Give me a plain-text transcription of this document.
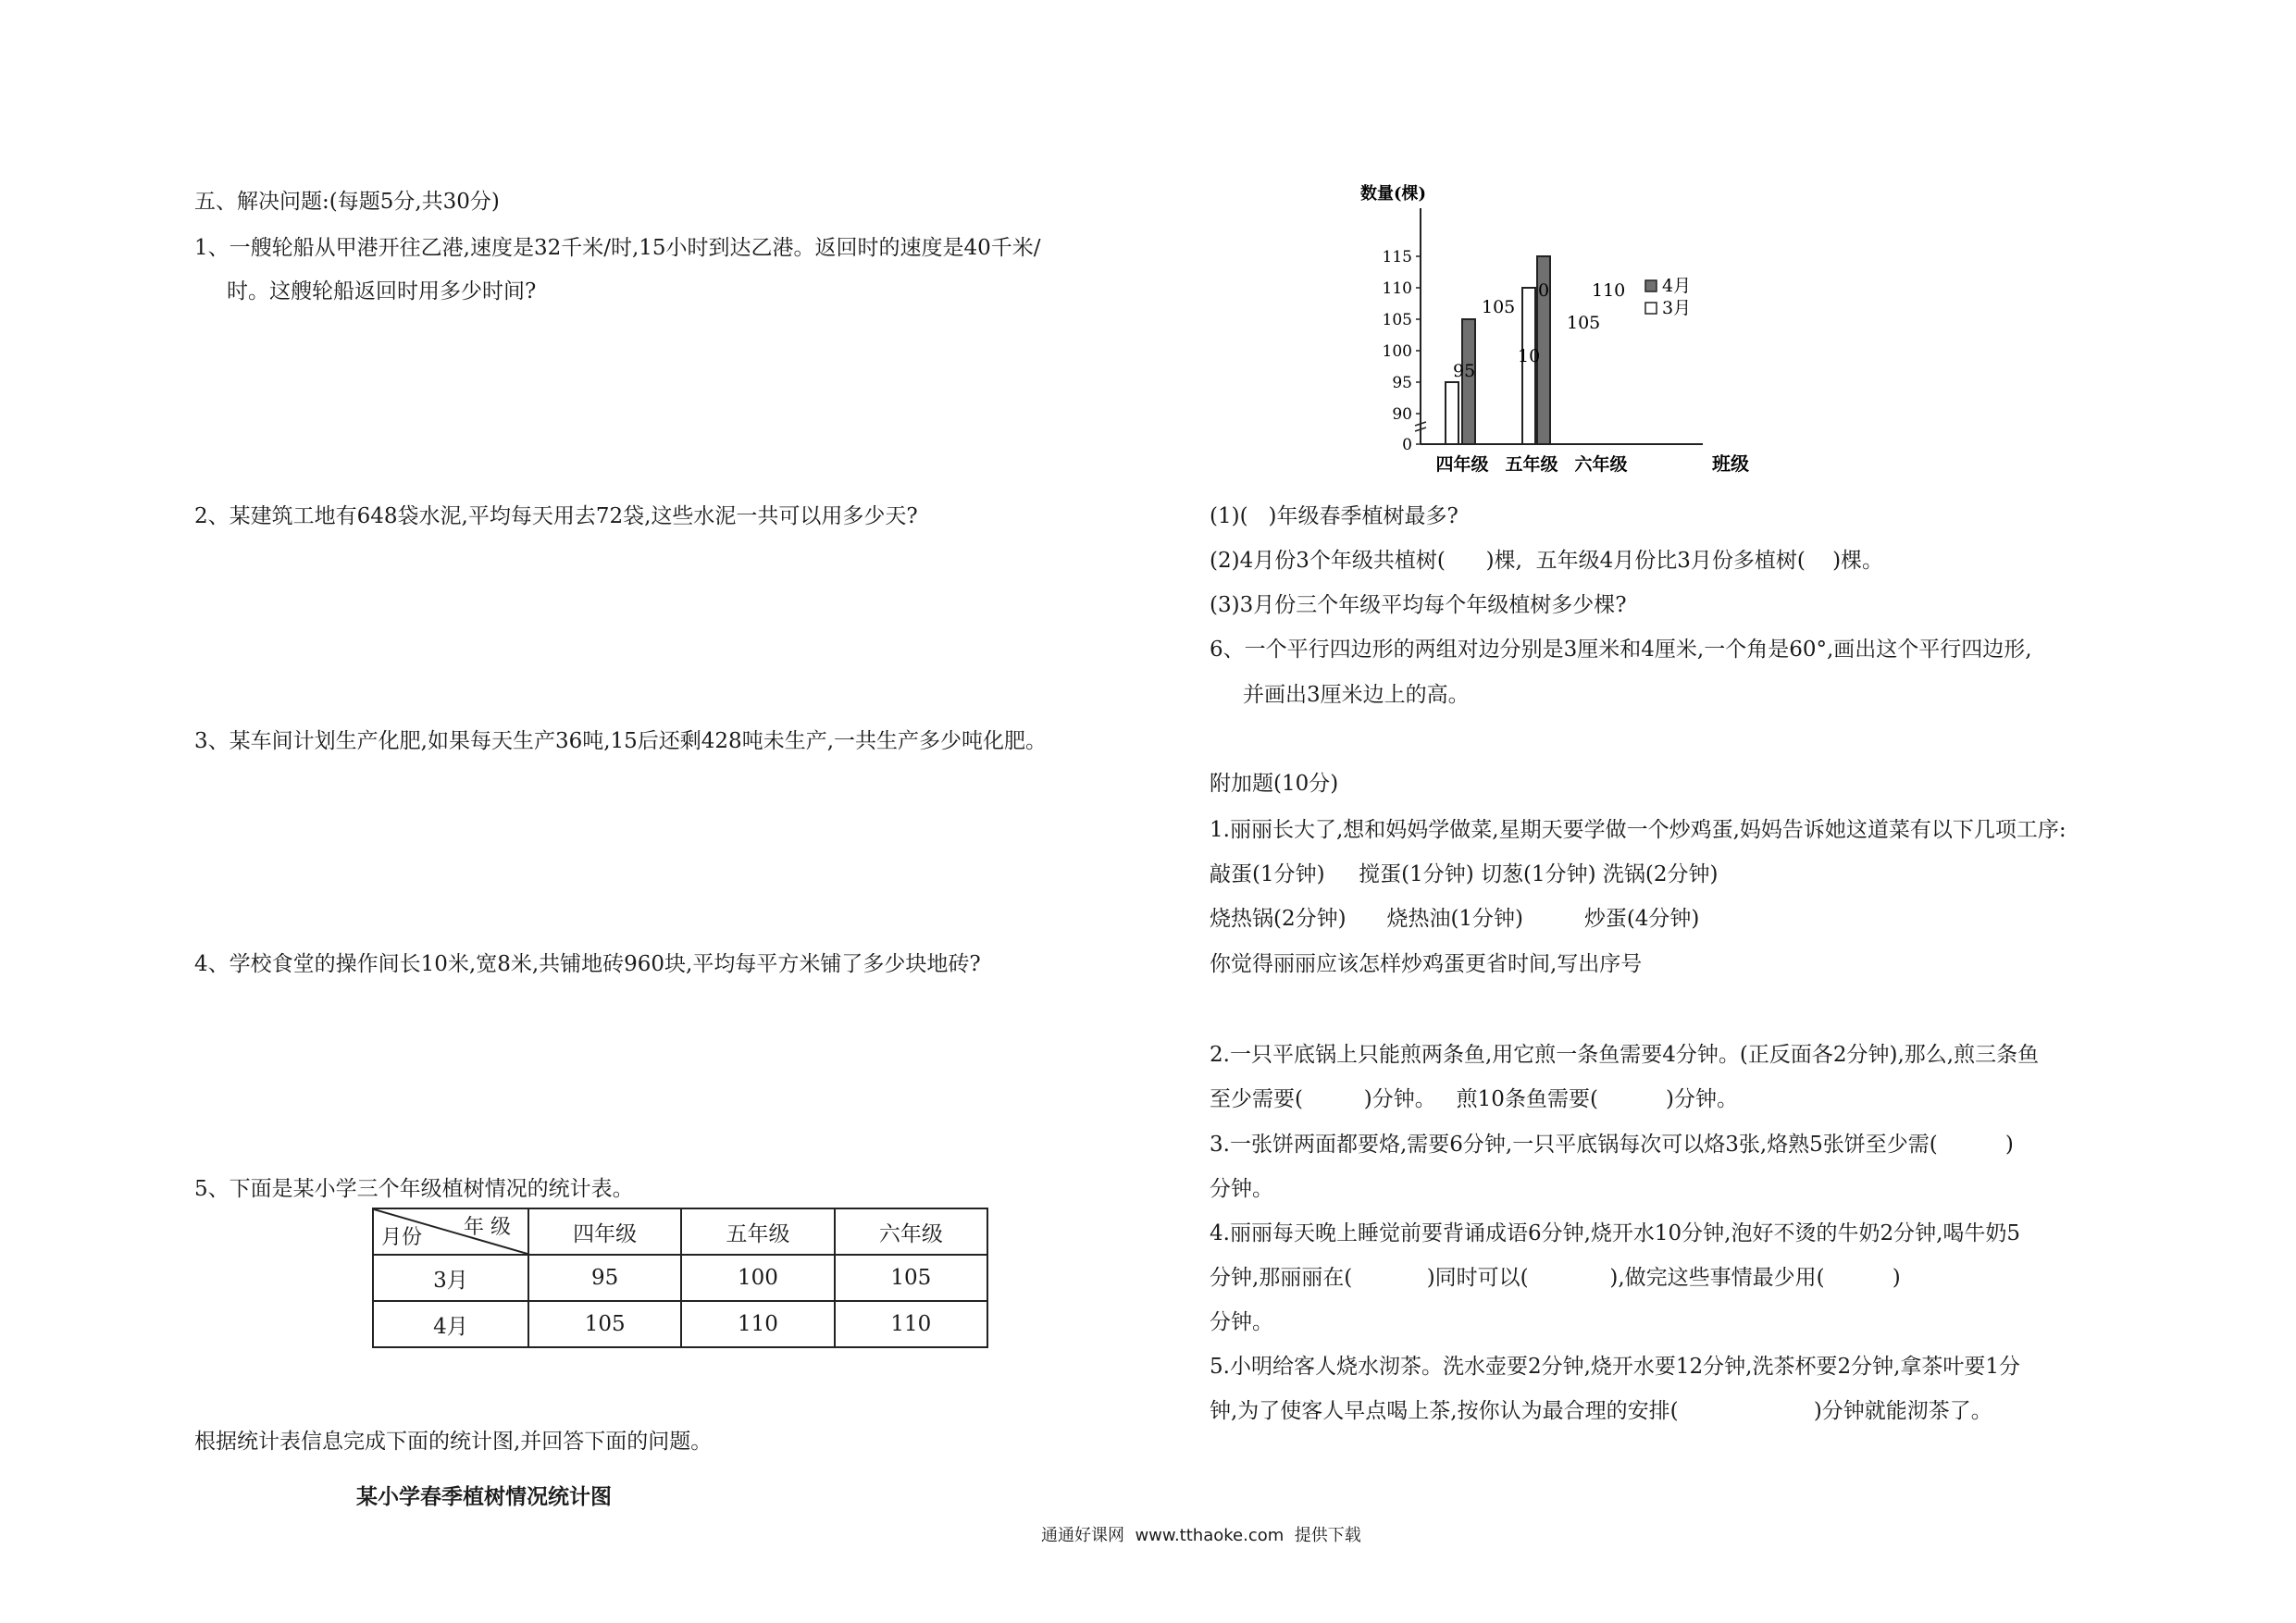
五、解决问题:(每题5分,共30分)
1、一艘轮船从甲港开往乙港,速度是32千米/时,15小时到达乙港。返回时的速度是40千米/
时。这艘轮船返回时用多少时间?
2、某建筑工地有648袋水泥,平均每天用去72袋,这些水泥一共可以用多少天?
3、某车间计划生产化肥,如果每天生产36吨,15后还剩428吨未生产,一共生产多少吨化肥。
4、学校食堂的操作间长10米,宽8米,共铺地砖960块,平均每平方米铺了多少块地砖?
5、下面是某小学三个年级植树情况的统计表。
年 级
月份	四年级	五年级	六年级
3月	95	100	105
4月	105	110	110
根据统计表信息完成下面的统计图,并回答下面的问题。
某小学春季植树情况统计图
0
90
95
100
105
110
115
数量(棵)
班级
四年级 五年级 六年级
95
105
10
0 110
105
4月
3月
(1)(   )年级春季植树最多?
(2)4月份3个年级共植树(      )棵,  五年级4月份比3月份多植树(    )棵。
(3)3月份三个年级平均每个年级植树多少棵?
6、一个平行四边形的两组对边分别是3厘米和4厘米,一个角是60°,画出这个平行四边形,
并画出3厘米边上的高。
附加题(10分)
1.丽丽长大了,想和妈妈学做菜,星期天要学做一个炒鸡蛋,妈妈告诉她这道菜有以下几项工序:
敲蛋(1分钟)     搅蛋(1分钟) 切葱(1分钟) 洗锅(2分钟)
烧热锅(2分钟)      烧热油(1分钟)         炒蛋(4分钟)
你觉得丽丽应该怎样炒鸡蛋更省时间,写出序号
2.一只平底锅上只能煎两条鱼,用它煎一条鱼需要4分钟。(正反面各2分钟),那么,煎三条鱼
至少需要(         )分钟。   煎10条鱼需要(          )分钟。
3.一张饼两面都要烙,需要6分钟,一只平底锅每次可以烙3张,烙熟5张饼至少需(          )
分钟。
4.丽丽每天晚上睡觉前要背诵成语6分钟,烧开水10分钟,泡好不烫的牛奶2分钟,喝牛奶5
分钟,那丽丽在(           )同时可以(            ),做完这些事情最少用(          )
分钟。
5.小明给客人烧水沏茶。洗水壶要2分钟,烧开水要12分钟,洗茶杯要2分钟,拿茶叶要1分
钟,为了使客人早点喝上茶,按你认为最合理的安排(                    )分钟就能沏茶了。
通通好课网  www.tthaoke.com  提供下载
